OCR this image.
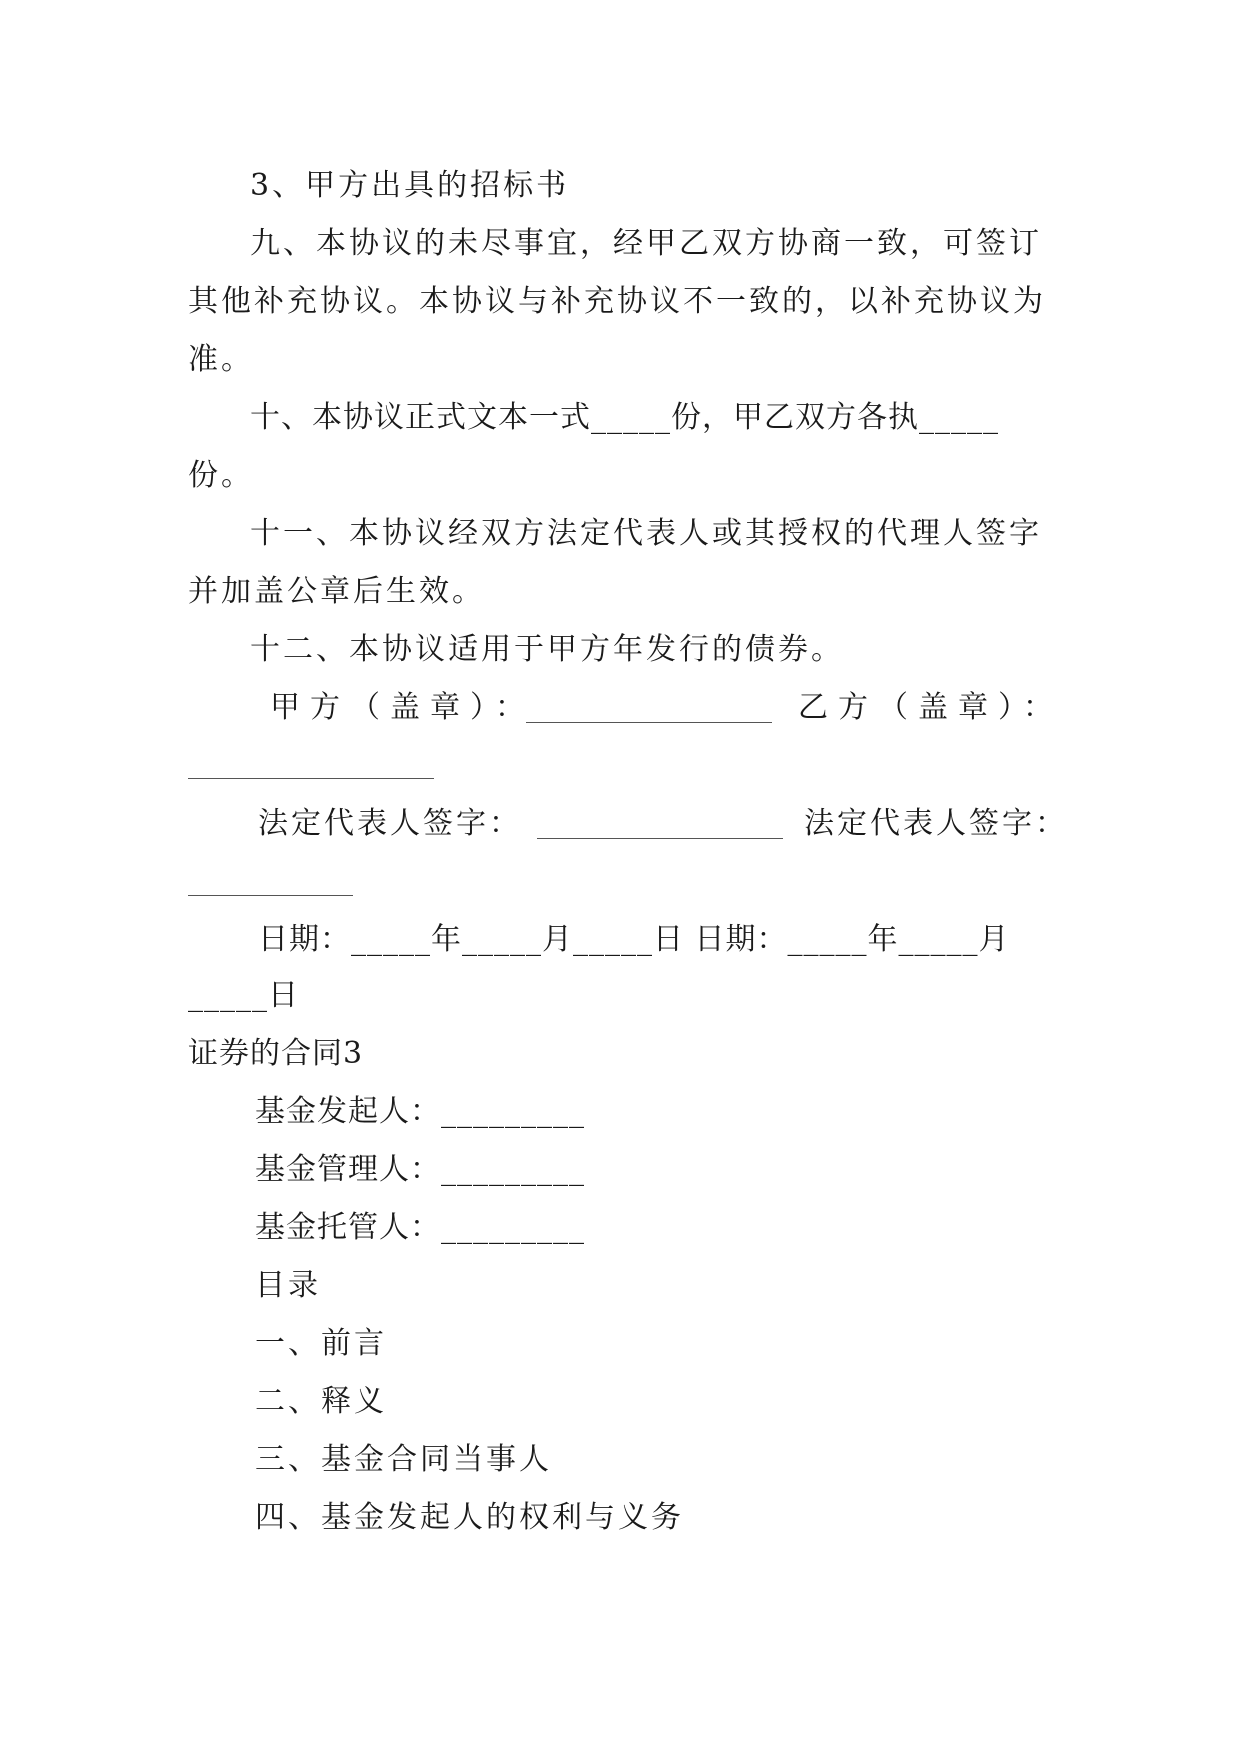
3、甲方出具的招标书
九、本协议的未尽事宜，经甲乙双方协商一致，可签订
其他补充协议。本协议与补充协议不一致的，以补充协议为
准。
十、本协议正式文本一式_____份，甲乙双方各执_____
份。
十一、本协议经双方法定代表人或其授权的代理人签字
并加盖公章后生效。
十二、本协议适用于甲方年发行的债券。
甲方（盖章）：	乙方（盖章）：
法定代表人签字：	法定代表人签字：
日期：_____年_____月_____日 日期：_____年_____月
_____日
证券的合同3
基金发起人：_________
基金管理人：_________
基金托管人：_________
目录
一、前言
二、释义
三、基金合同当事人
四、基金发起人的权利与义务
